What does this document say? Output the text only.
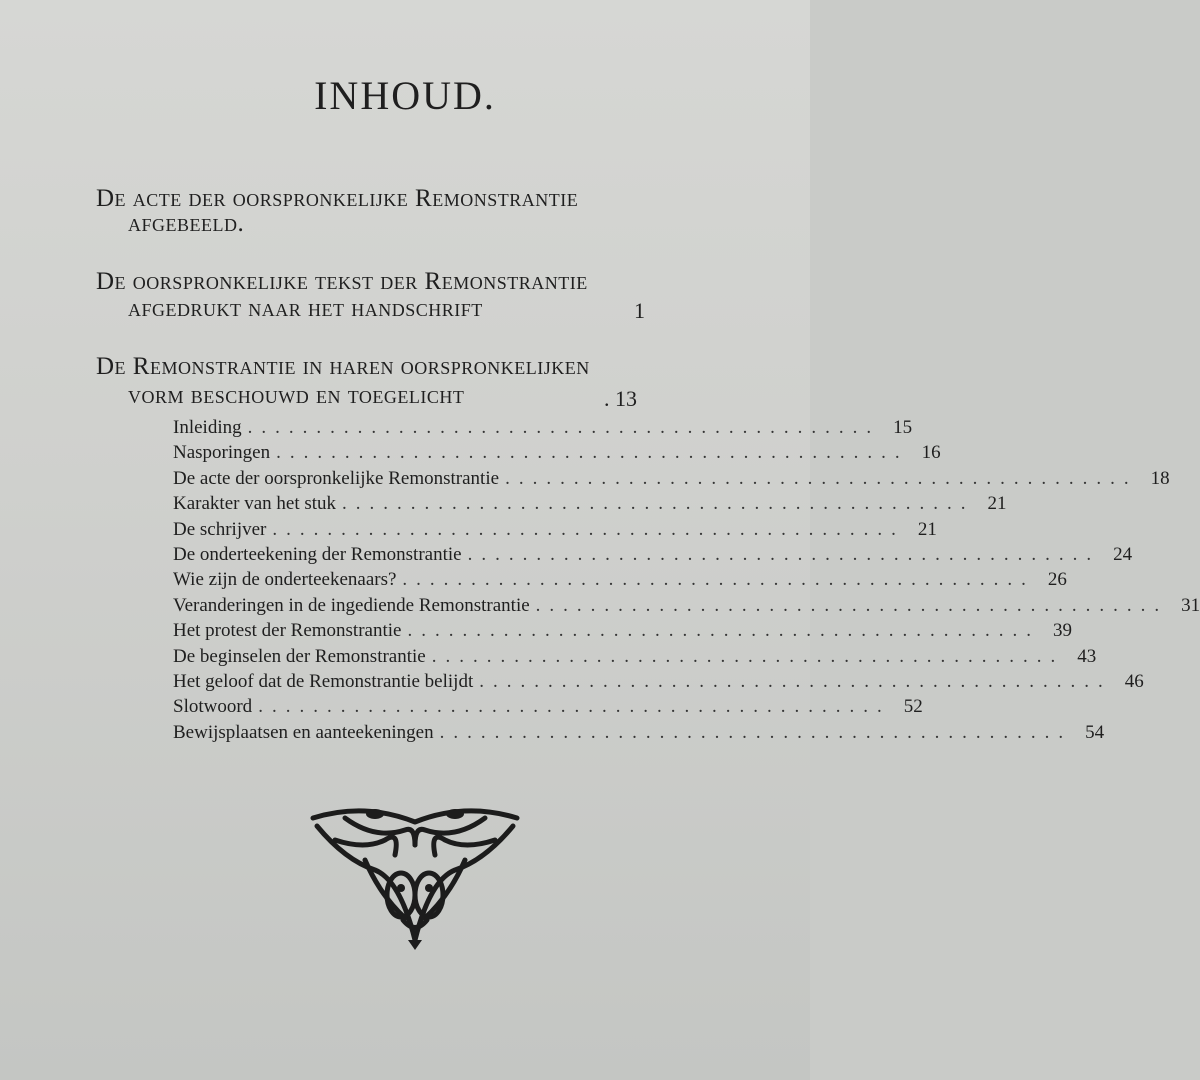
INHOUD.
De acte der oorspronkelijke Remonstrantie
afgebeeld.
De oorspronkelijke tekst der Remonstrantie
afgedrukt naar het handschrift	1
De Remonstrantie in haren oorspronkelijken
vorm beschouwd en toegelicht	. 13
Inleiding .............................................. 15
Nasporingen .............................................. 16
De acte der oorspronkelijke Remonstrantie .............................................. 18
Karakter van het stuk .............................................. 21
De schrijver .............................................. 21
De onderteekening der Remonstrantie .............................................. 24
Wie zijn de onderteekenaars? .............................................. 26
Veranderingen in de ingediende Remonstrantie .............................................. 31
Het protest der Remonstrantie .............................................. 39
De beginselen der Remonstrantie .............................................. 43
Het geloof dat de Remonstrantie belijdt .............................................. 46
Slotwoord .............................................. 52
Bewijsplaatsen en aanteekeningen .............................................. 54
